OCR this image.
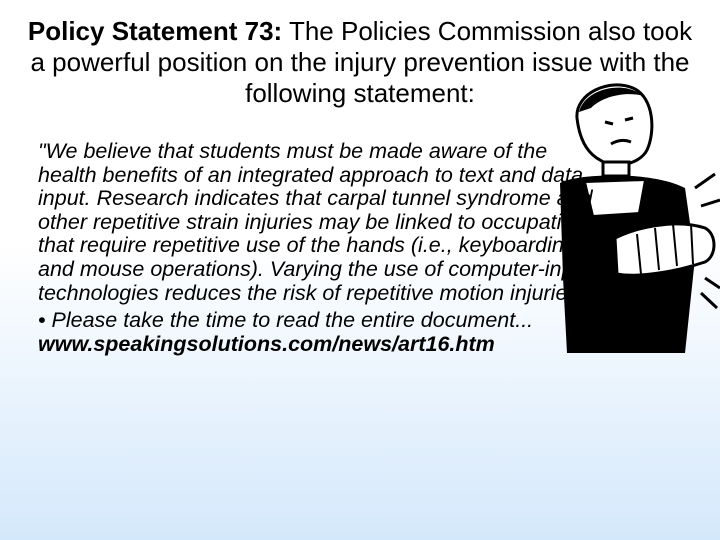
Policy Statement 73: The Policies Commission also took a powerful position on the injury prevention issue with the following statement:

"We believe that students must be made aware of the health benefits of an integrated approach to text and data input. Research indicates that carpal tunnel syndrome and other repetitive strain injuries may be linked to occupations that require repetitive use of the hands (i.e., keyboarding and mouse operations). Varying the use of computer-input technologies reduces the risk of repetitive motion injuries."

• Please take the time to read the entire document...

www.speakingsolutions.com/news/art16.htm
